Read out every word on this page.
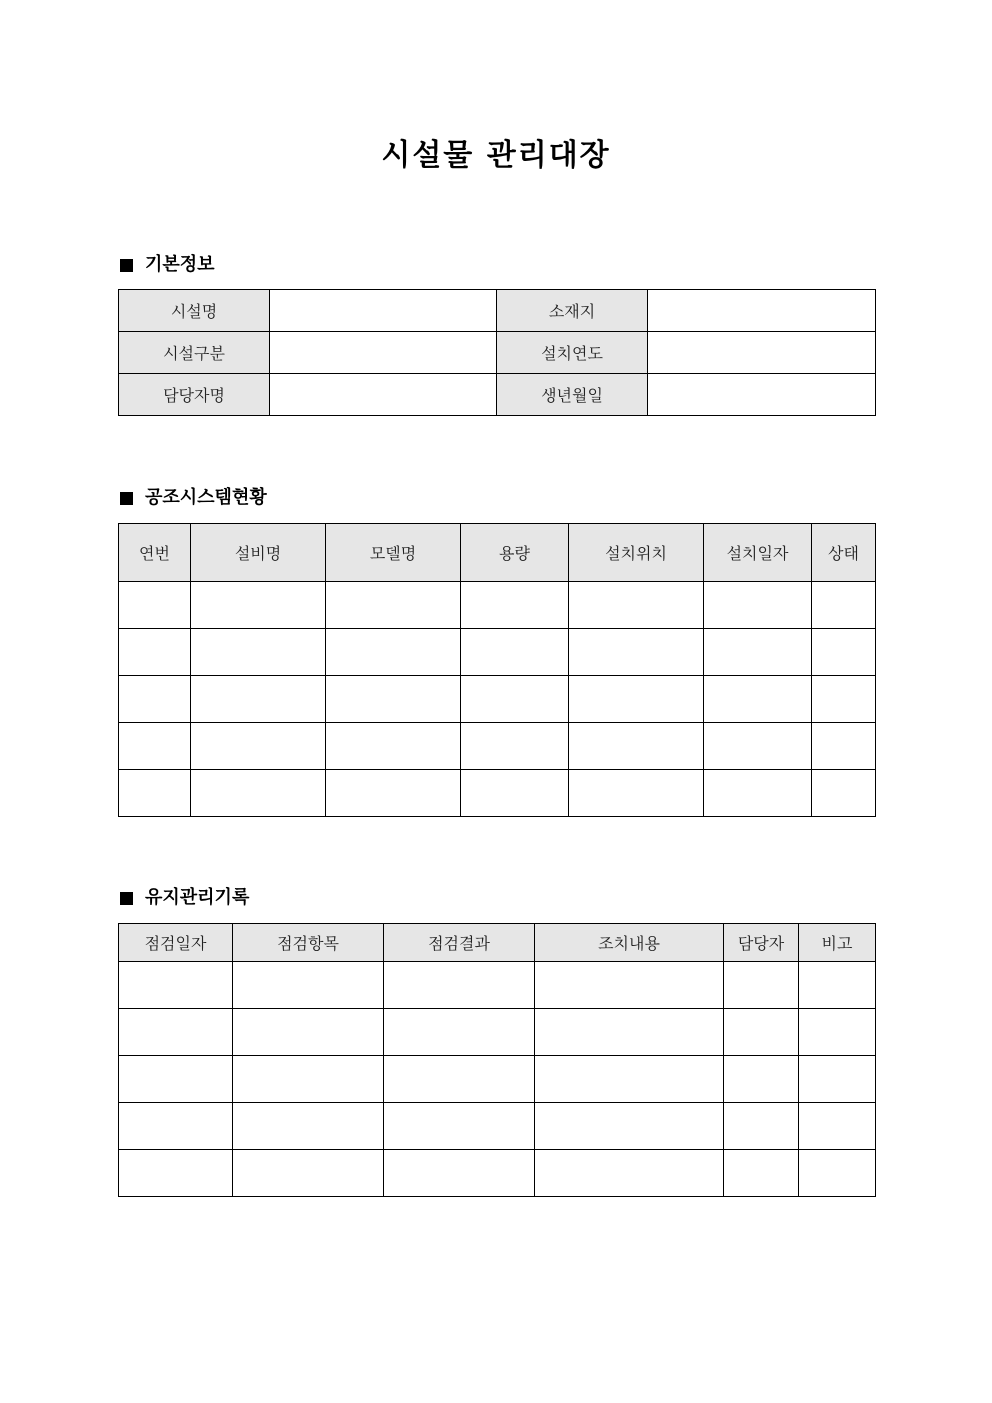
시설물 관리대장
기본정보
시설명		소재지	
시설구분		설치연도	
담당자명		생년월일	
공조시스템현황
연번	설비명	모델명	용량	설치위치	설치일자	상태

유지관리기록
점검일자	점검항목	점검결과	조치내용	담당자	비고
